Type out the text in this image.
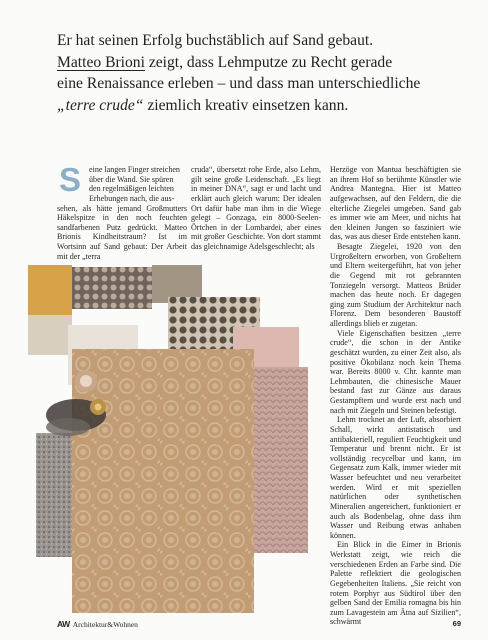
Er hat seinen Erfolg buchstäblich auf Sand gebaut.

Matteo Brioni zeigt, dass Lehmputze zu Recht gerade

eine Renaissance erleben – und dass man unterschiedliche

„terre crude“ ziemlich kreativ einsetzen kann.

S eine langen Finger streichen

über die Wand. Sie spüren

den regelmäßigen leichten

Erhebungen nach, die aus-

sehen, als hätte jemand Großmutters Häkelspitze in den noch feuchten sandfarbenen Putz gedrückt. Matteo Brionis Kindheitstraum? Ist im Wortsinn auf Sand gebaut: Der Arbeit mit der „terra

cruda“, übersetzt rohe Erde, also Lehm, gilt seine große Leidenschaft. „Es liegt in meiner DNA“, sagt er und lacht und erklärt auch gleich warum: Der idealen Ort dafür habe man ihm in die Wiege gelegt – Gonzaga, ein 8000-Seelen-Örtchen in der Lombardei, aber eines mit großer Geschichte. Von dort stammt das gleichnamige Adelsgeschlecht; als

Herzöge von Mantua beschäftigten sie an ihrem Hof so berühmte Künstler wie Andrea Mantegna. Hier ist Matteo aufgewachsen, auf den Feldern, die die elterliche Ziegelei umgeben. Sand gab es immer wie am Meer, und nichts hat den kleinen Jungen so fasziniert wie das, was aus dieser Erde entstehen kann.

Besagte Ziegelei, 1920 von den Urgroßeltern erworben, von Großeltern und Eltern weitergeführt, hat von jeher die Gegend mit rot gebrannten Tonziegeln versorgt. Matteos Brüder machen das heute noch. Er dagegen ging zum Studium der Architektur nach Florenz. Dem besonderen Baustoff allerdings blieb er zugetan.

Viele Eigenschaften besitzen „terre crude“, die schon in der Antike geschätzt wurden, zu einer Zeit also, als positive Ökobilanz noch kein Thema war. Bereits 8000 v. Chr. kannte man Lehmbauten, die chinesische Mauer bestand fast zur Gänze aus daraus Gestampftem und wurde erst nach und nach mit Ziegeln und Steinen befestigt.

Lehm trocknet an der Luft, absorbiert Schall, wirkt antistatisch und antibakteriell, reguliert Feuchtigkeit und Temperatur und brennt nicht. Er ist vollständig recycelbar und kann, im Gegensatz zum Kalk, immer wieder mit Wasser befeuchtet und neu verarbeitet werden. Wird er mit speziellen natürlichen oder synthetischen Mineralien angereichert, funktioniert er auch als Bodenbelag, ohne dass ihm Wasser und Reibung etwas anhaben können.

Ein Blick in die Eimer in Brionis Werkstatt zeigt, wie reich die verschiedenen Erden an Farbe sind. Die Palette reflektiert die geologischen Gegebenheiten Italiens. „Sie reicht von rotem Porphyr aus Südtirol über den gelben Sand der Emilia romagna bis hin zum Lavagestein am Ätna auf Sizilien“, schwärmt

AW Architektur&Wohnen	69
